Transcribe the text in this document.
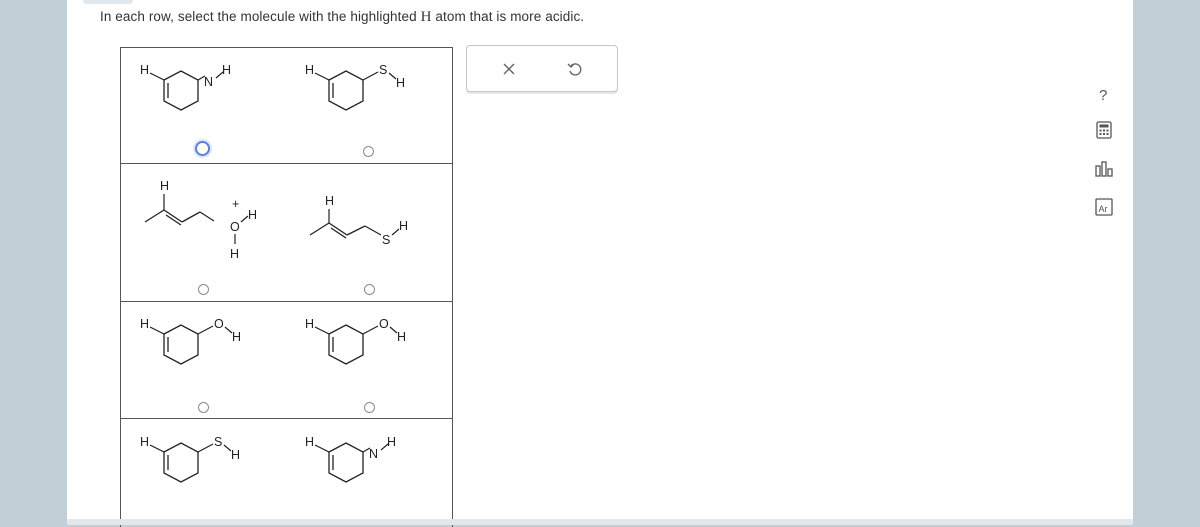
In each row, select the molecule with the highlighted H atom that is more acidic.
H
N
H	H	S
H
H
+
O
H
H
H
S
H
H	O
H
H	O
H
H	S
H
H
N
H
?
Ar
